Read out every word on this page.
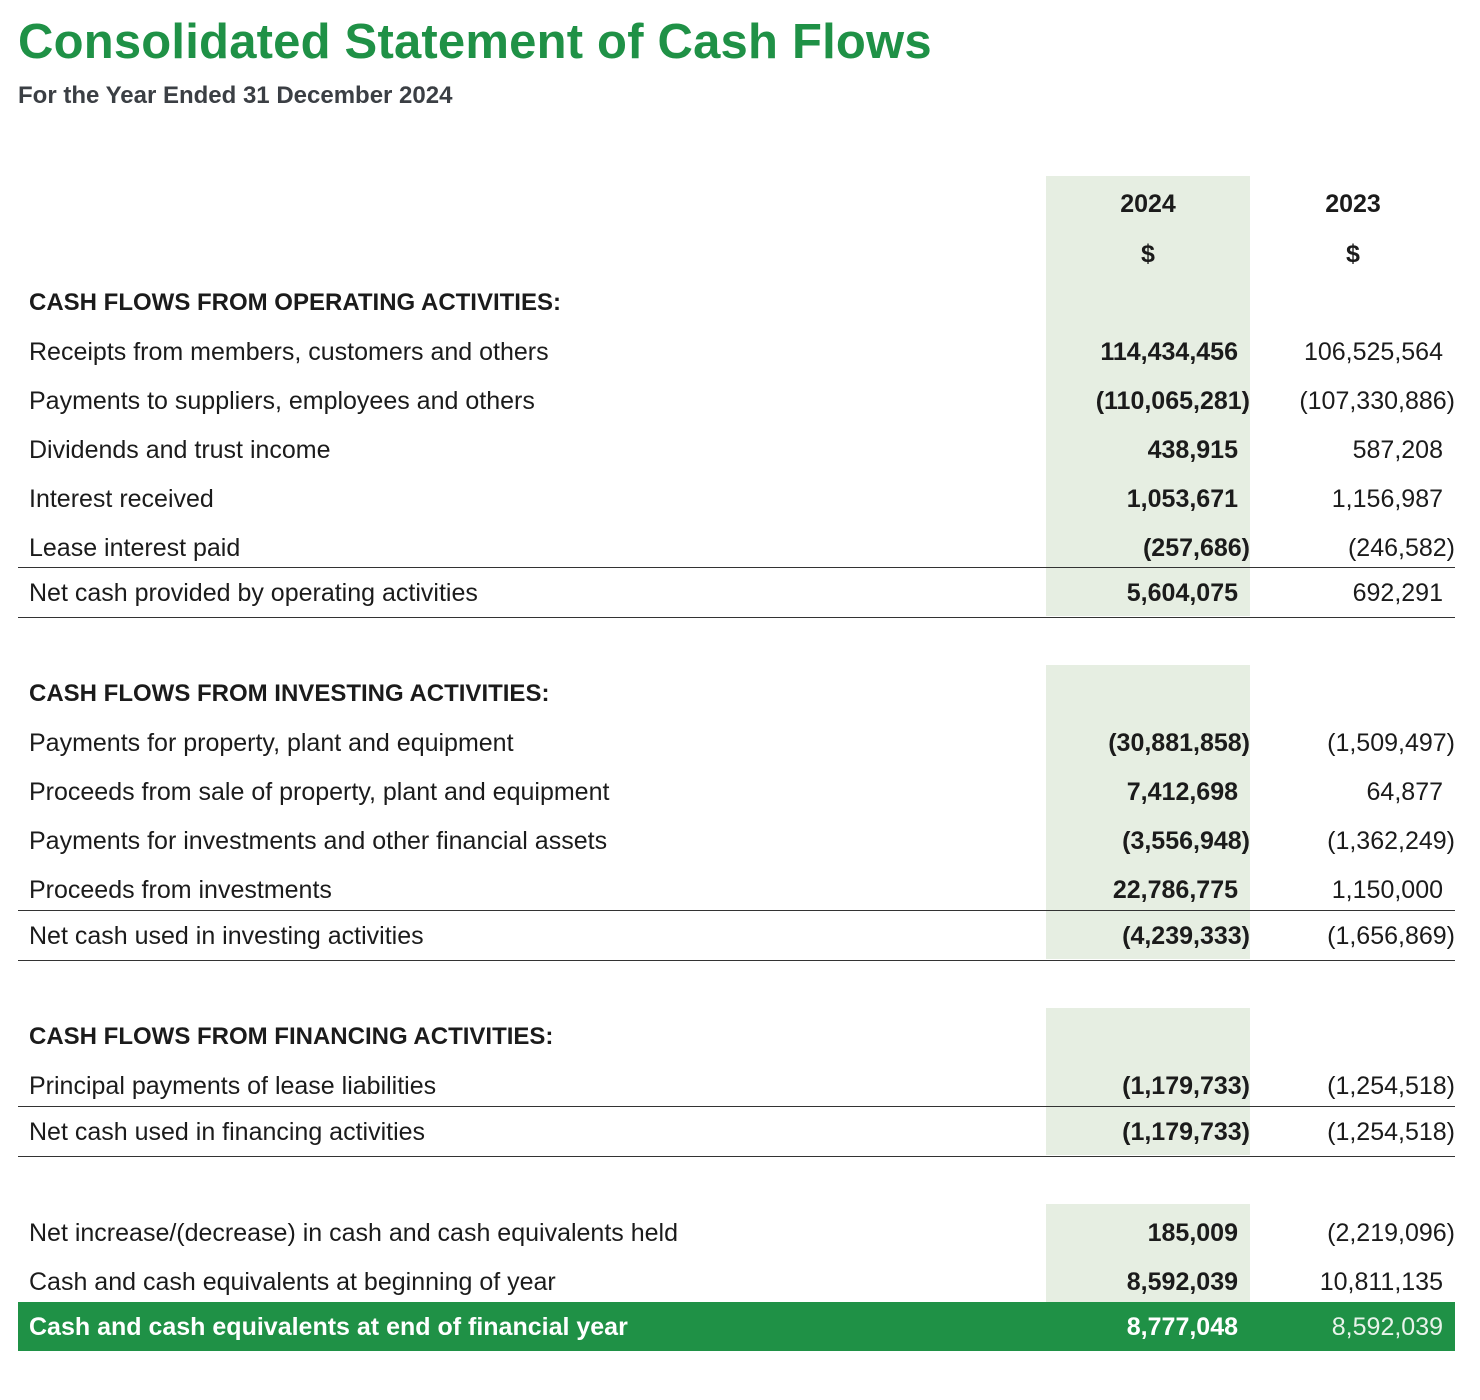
Consolidated Statement of Cash Flows
For the Year Ended 31 December 2024
2024
$
2023
$
CASH FLOWS FROM OPERATING ACTIVITIES:
Receipts from members, customers and others	114,434,456	106,525,564
Payments to suppliers, employees and others	(110,065,281) (107,330,886)
Dividends and trust income	438,915	587,208
Interest received	1,053,671	1,156,987
Lease interest paid	(257,686)	(246,582)
Net cash provided by operating activities	5,604,075	692,291
CASH FLOWS FROM INVESTING ACTIVITIES:
Payments for property, plant and equipment	(30,881,858)	(1,509,497)
Proceeds from sale of property, plant and equipment	7,412,698	64,877
Payments for investments and other financial assets	(3,556,948)	(1,362,249)
Proceeds from investments	22,786,775	1,150,000
Net cash used in investing activities	(4,239,333)	(1,656,869)
CASH FLOWS FROM FINANCING ACTIVITIES:
Principal payments of lease liabilities	(1,179,733)	(1,254,518)
Net cash used in financing activities	(1,179,733)	(1,254,518)
Net increase/(decrease) in cash and cash equivalents held	185,009	(2,219,096)
Cash and cash equivalents at beginning of year	8,592,039	10,811,135
Cash and cash equivalents at end of financial year	8,777,048	8,592,039
